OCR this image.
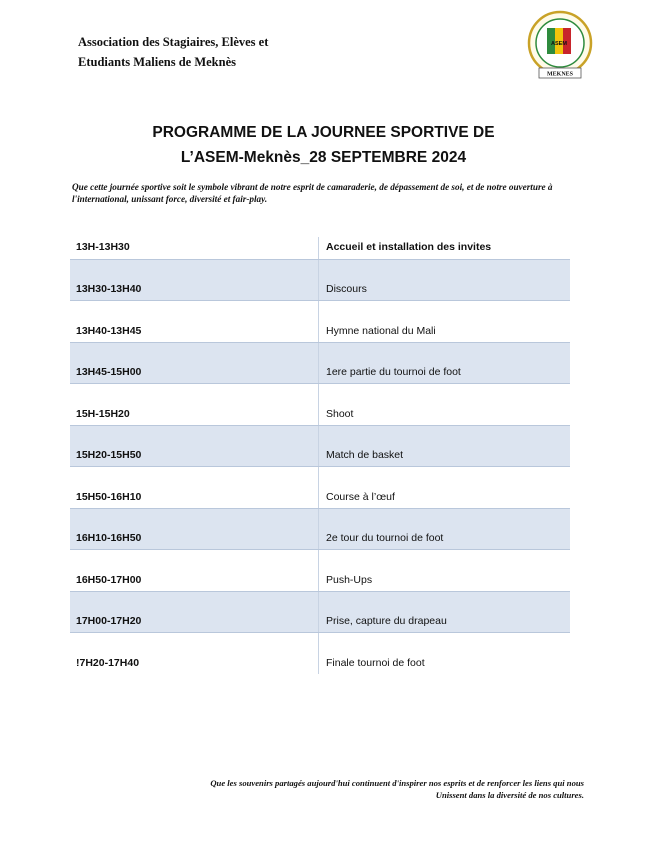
Association des Stagiaires, Elèves et
Etudiants Maliens de Meknès
ASEM
MEKNES
PROGRAMME DE LA JOURNEE SPORTIVE DE
L’ASEM-Meknès_28 SEPTEMBRE 2024
Que cette journée sportive soit le symbole vibrant de notre esprit de camaraderie, de dépassement de soi, et de notre ouverture à l'international, unissant force, diversité et fair-play.
13H-13H30	Accueil et installation des invites
13H30-13H40	Discours
13H40-13H45	Hymne national du Mali
13H45-15H00	1ere partie du tournoi de foot
15H-15H20	Shoot
15H20-15H50	Match de basket
15H50-16H10	Course à l’œuf
16H10-16H50	2e tour du tournoi de foot
16H50-17H00	Push-Ups
17H00-17H20	Prise, capture du drapeau
!7H20-17H40	Finale tournoi de foot
Que les souvenirs partagés aujourd'hui continuent d'inspirer nos esprits et de renforcer les liens qui nous
Unissent dans la diversité de nos cultures.
